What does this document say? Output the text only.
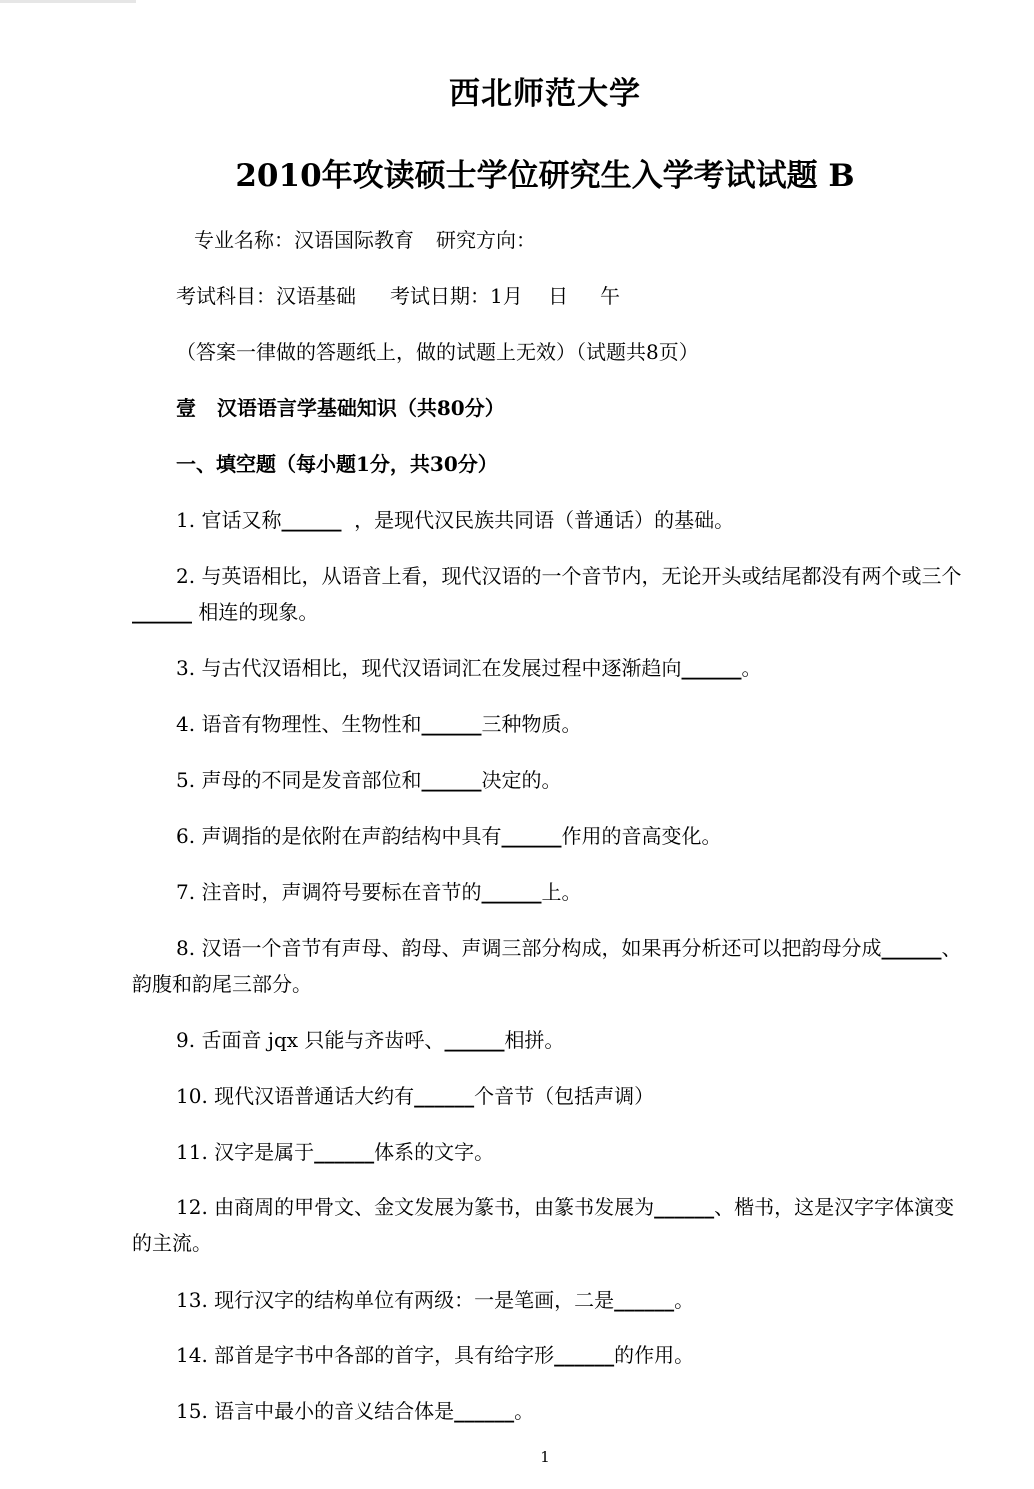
西北师范大学
2010年攻读硕士学位研究生入学考试试题 B
专业名称：汉语国际教育 研究方向：
考试科目：汉语基础 考试日期：1月    日     午
（答案一律做的答题纸上，做的试题上无效）（试题共8页）
壹   汉语语言学基础知识（共80分）
一、填空题（每小题1分，共30分）
1. 官话又称______  ，是现代汉民族共同语（普通话）的基础。
2. 与英语相比，从语音上看，现代汉语的一个音节内，无论开头或结尾都没有两个或三个______ 相连的现象。
3. 与古代汉语相比，现代汉语词汇在发展过程中逐渐趋向______。
4. 语音有物理性、生物性和______三种物质。
5. 声母的不同是发音部位和______决定的。
6. 声调指的是依附在声韵结构中具有______作用的音高变化。
7. 注音时，声调符号要标在音节的______上。
8. 汉语一个音节有声母、韵母、声调三部分构成，如果再分析还可以把韵母分成______、韵腹和韵尾三部分。
9. 舌面音 jqx 只能与齐齿呼、______相拼。
10. 现代汉语普通话大约有______个音节（包括声调）
11. 汉字是属于______体系的文字。
12. 由商周的甲骨文、金文发展为篆书，由篆书发展为______、楷书，这是汉字字体演变的主流。
13. 现行汉字的结构单位有两级：一是笔画，二是______。
14. 部首是字书中各部的首字，具有给字形______的作用。
15. 语言中最小的音义结合体是______。
1
